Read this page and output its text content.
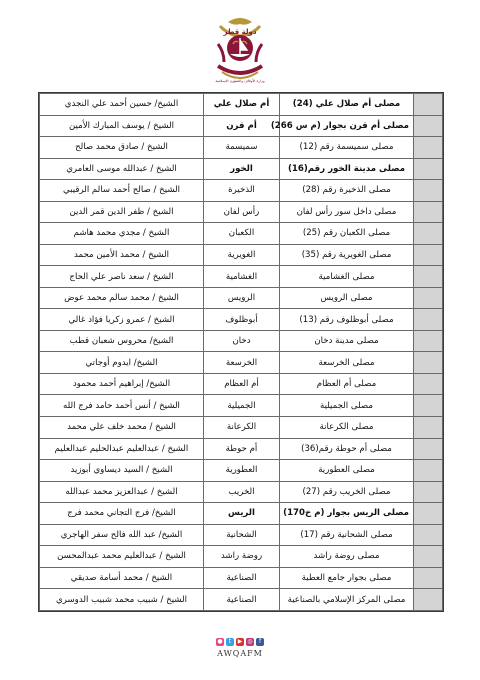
دولة قطر
وزارة الأوقاف والشؤون الإسلامية
	مصلى أم صلال علي (24)	أم صلال علي	الشيخ/ حسين أحمد علي النجدي
	مصلى أم قرن بجوار (م س 266)	أم قرن	الشيخ / يوسف المبارك الأمين
	مصلى سميسمة رقم (12)	سميسمة	الشيخ / صادق محمد صالح
	مصلى مدينة الخور رقم(16)	الخور	الشيخ / عبدالله موسى العامري
	مصلى الذخيرة رقم (28)	الذخيرة	الشيخ / صالح أحمد سالم الرقيبي
	مصلى داخل سور رأس لفان	رأس لفان	الشيخ / ظفر الدين قمر الدين
	مصلى الكعبان رقم (25)	الكعبان	الشيخ / مجدي محمد هاشم
	مصلى الغويرية رقم (35)	الغويرية	الشيخ / محمد الأمين محمد
	مصلى الغشامية	الغشامية	الشيخ / سعد ناصر علي الحاج
	مصلى الرويس	الرويس	الشيخ / محمد سالم محمد عوض
	مصلى أبوظلوف رقم (13)	أبوظلوف	الشيخ / عمرو زكريا فؤاد غالي
	مصلى مدينة دخان	دخان	الشيخ/ محروس شعبان قطب
	مصلى الخرسعة	الخرسعة	الشيخ/ ايدوم أوجاتي
	مصلى أم العظام	أم العظام	الشيخ/ إبراهيم أحمد محمود
	مصلى الجميلية	الجميلية	الشيخ / أنس أحمد حامد فرج الله
	مصلى الكرعانة	الكرعانة	الشيخ / محمد خلف علي محمد
	مصلى أم حوطة رقم(36)	أم حوطة	الشيخ / عبدالعليم عبدالحليم عبدالعليم
	مصلى العطورية	العطورية	الشيخ / السيد ديساوي أبوزيد
	مصلى الخريب رقم (27)	الخريب	الشيخ / عبدالعزيز محمد عبدالله
	مصلى الريس بجوار (م خ170)	الريس	الشيخ/ فرج التجاني محمد فرج
	مصلى الشحانية رقم (17)	الشحانية	الشيخ/ عبد الله فالح سفر الهاجري
	مصلى روضة راشد	روضة راشد	الشيخ / عبدالعليم محمد عبدالمحسن
	مصلى بجوار جامع العطية	الصناعية	الشيخ / محمد أسامة صديقي
	مصلى المركز الإسلامي بالصناعية	الصناعية	الشيخ / شبيب محمد شبيب الدوسري
●	t	▶ ◎	f
AWQAFM
